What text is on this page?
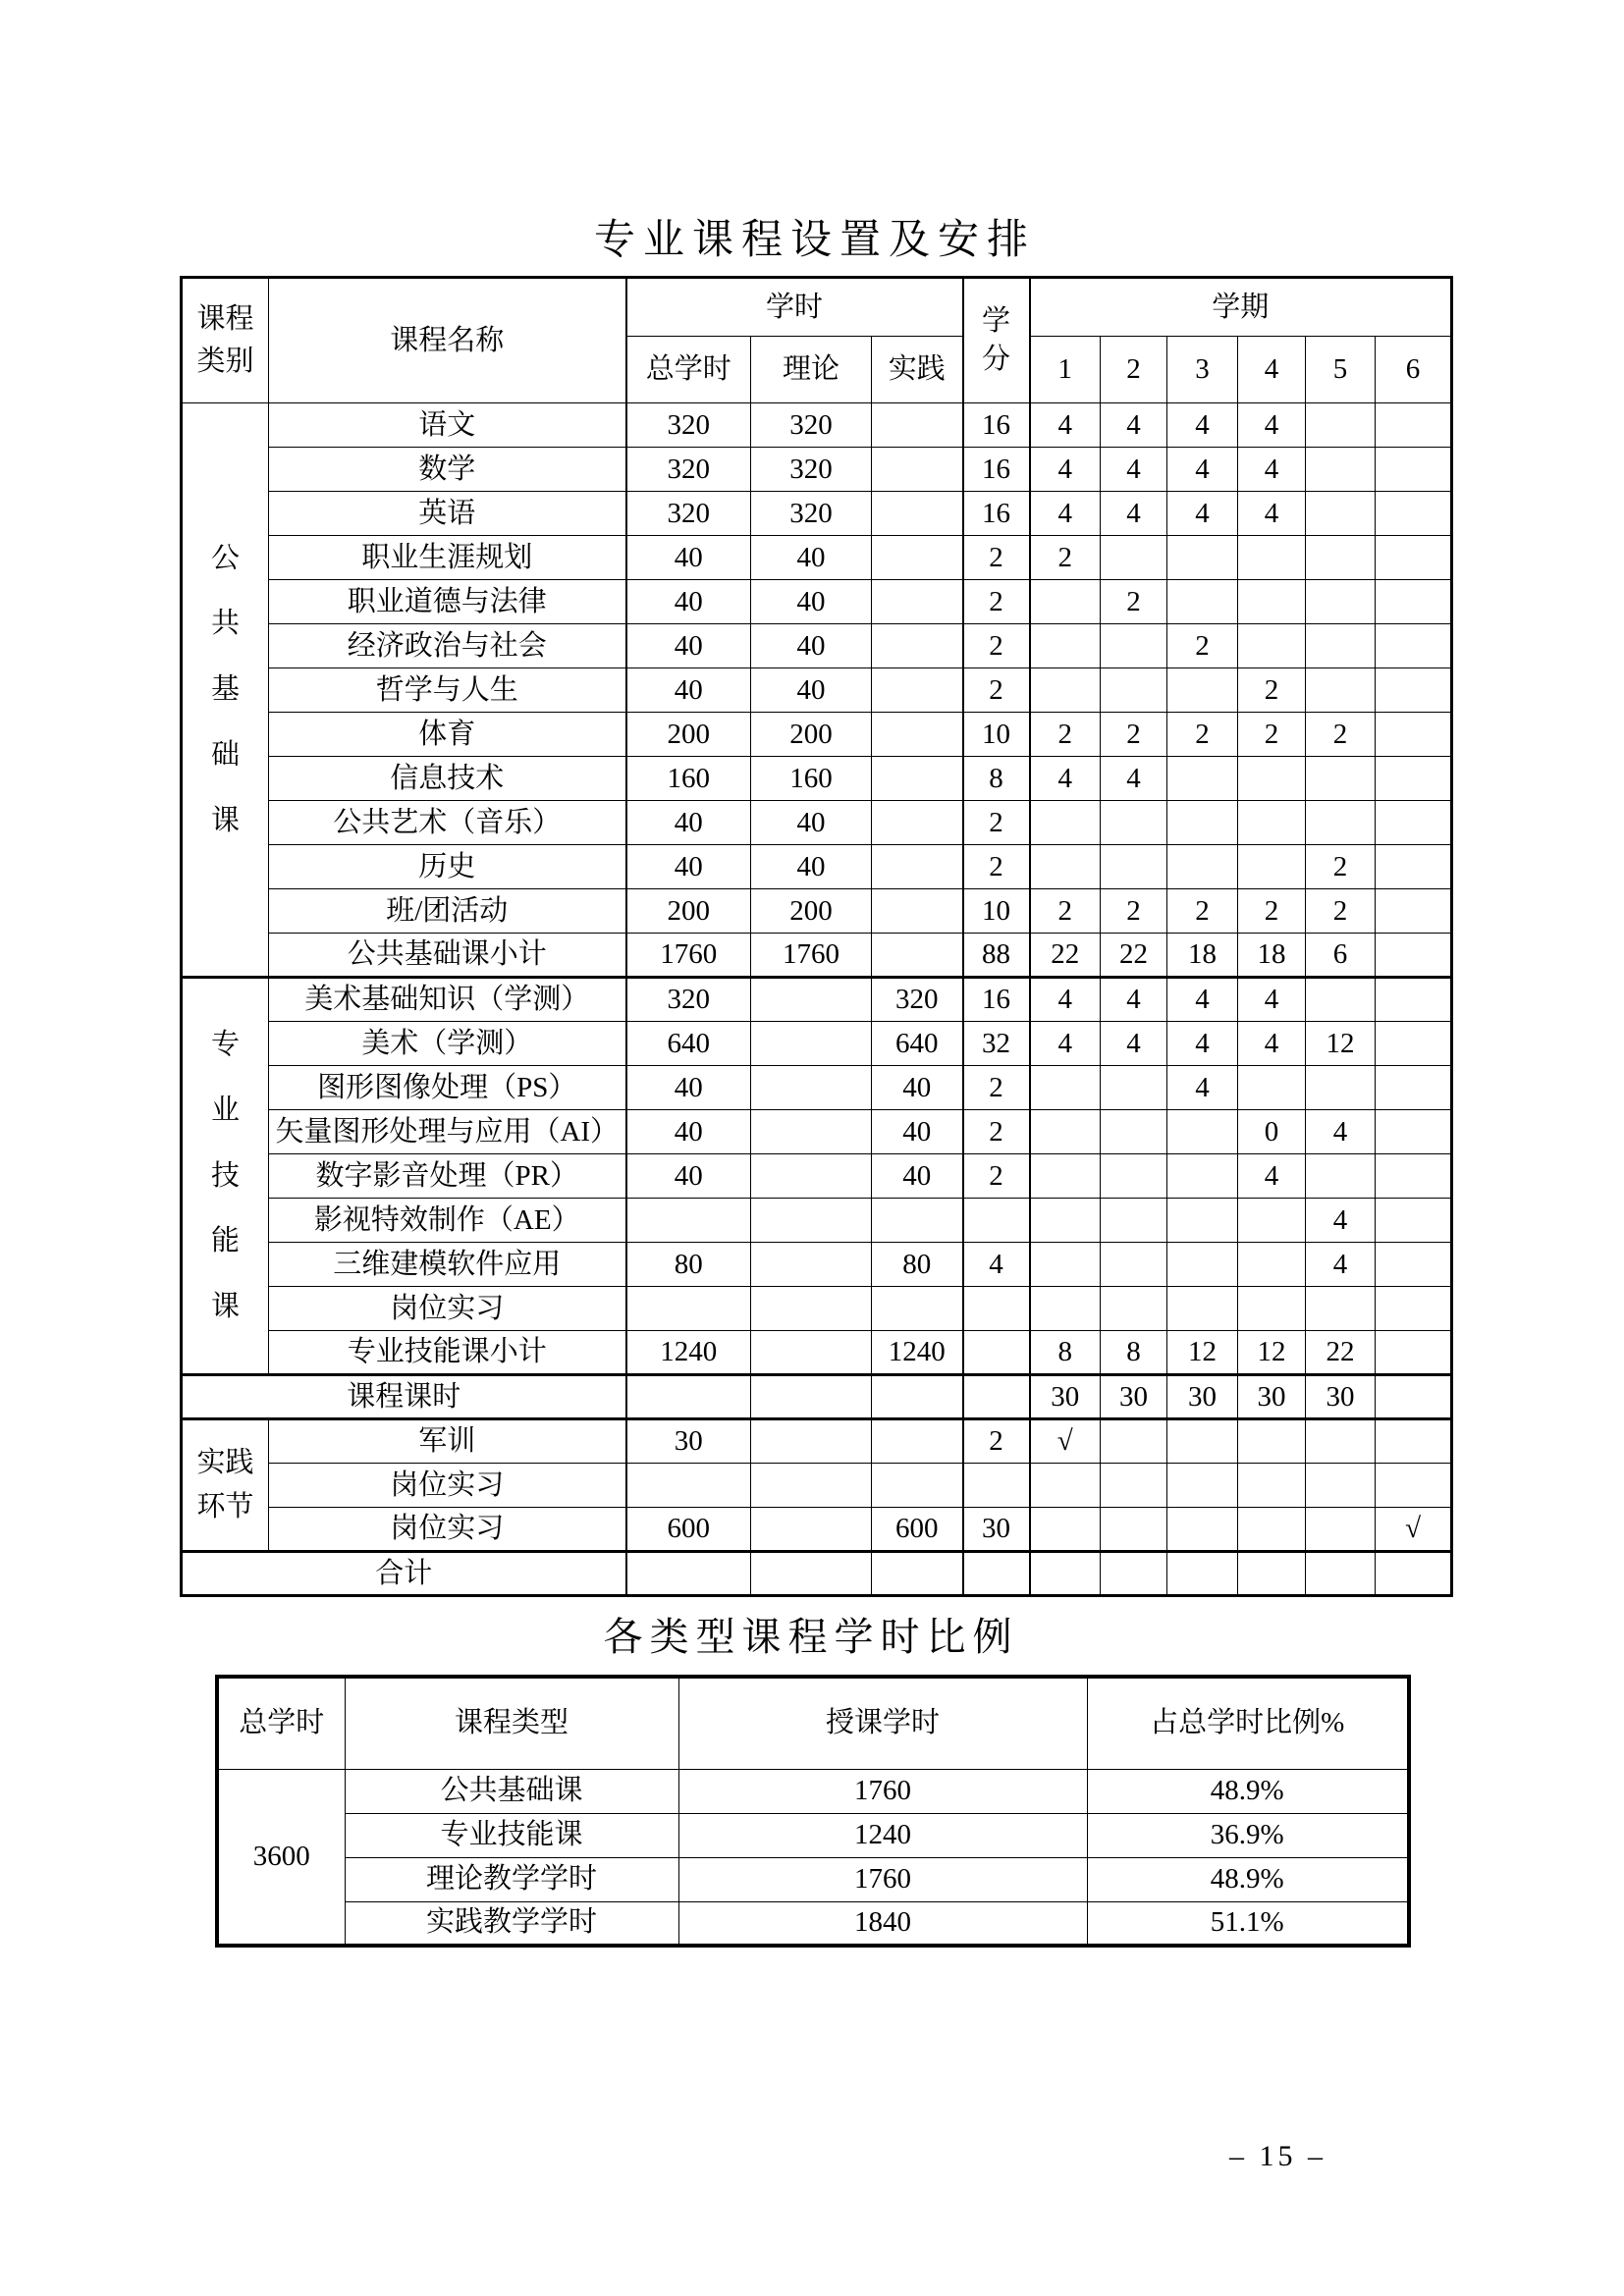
专业课程设置及安排
课程类别	课程名称	学时			学分	学期					
		总学时	理论	实践		1	2	3	4	5	6

公共基础课	语文	320	320		16	4	4	4	4		
	数学	320	320		16	4	4	4	4		
	英语	320	320		16	4	4	4	4		
	职业生涯规划	40	40		2	2					
	职业道德与法律	40	40		2		2				
	经济政治与社会	40	40		2			2			
	哲学与人生	40	40		2				2		
	体育	200	200		10	2	2	2	2	2	
	信息技术	160	160		8	4	4				
	公共艺术（音乐）	40	40		2						
	历史	40	40		2					2	
	班/团活动	200	200		10	2	2	2	2	2	
	公共基础课小计	1760	1760		88	22	22	18	18	6	

专业技能课	美术基础知识（学测）	320		320	16	4	4	4	4		
	美术（学测）	640		640	32	4	4	4	4	12	
	图形图像处理（PS）	40		40	2			4			
	矢量图形处理与应用（AI）	40		40	2				0	4	
	数字影音处理（PR）	40		40	2				4		
	影视特效制作（AE）									4	
	三维建模软件应用	80		80	4					4	
	岗位实习										
	专业技能课小计	1240		1240		8	8	12	12	22	
课程课时						30	30	30	30	30	

实践环节	军训	30			2	√					
	岗位实习										
	岗位实习	600		600	30						√
合计											
各类型课程学时比例
总学时	课程类型	授课学时	占总学时比例%
3600	公共基础课	1760	48.9%
	专业技能课	1240	36.9%
	理论教学学时	1760	48.9%
	实践教学学时	1840	51.1%
– 15 –
